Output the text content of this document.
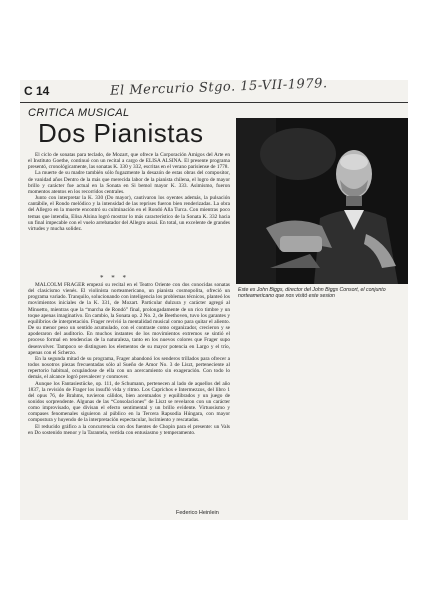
C 14	El Mercurio Stgo. 15-VII-1979.
CRITICA MUSICAL
Dos Pianistas

El ciclo de sonatas para teclado, de Mozart, que ofrece la Corporación Amigos del Arte en el Instituto Goethe, continuó con un recital a cargo de ELISA ALSINA. El presente programa presentó, cronológicamente, las sonatas K. 330 y 332, escritas en el verano parisiense de 1778.

La muerte de su madre también sólo fugazmente la desazón de estas obras del compositor, de vanidad años Dentro de la más que merecida labor de la pianista chilena, el logro de mayor brillo y carácter fue actual en la Sonata en Si bemol mayor K. 333. Asimismo, fueron momentos atentos en los recorridos centrales.

Junto con interpretar la K. 330 (Do mayor), cautivaron los oyentes además, la pulsación cantábile, el Rondo melódico y la intensidad de las reprises fueron bien renderizadas. La obra del Allegro en la muerte encontró su culminación en el Rondó Alla Turca. Con mientras poco temas que intendia, Elisa Alsina logró mostrar lo más característico de la Sonata K. 332 hacia un final impecable con el vuelo arrebatador del Allegro assai. En total, un excelente de grandes virtudes y mucha solidez.

* * *

MALCOLM FRAGER empezó su recital en el Teatro Oriente con dos conocidas sonatas del clasicismo vienés. El violinista norteamericano, un pianista cosmopolita, ofreció un programa variado. Tranquilo, solucionando con inteligencia los problemas técnicos, planteó los movimientos iniciales de la K. 331, de Mozart. Particular dulzura y carácter agregó al Minuetto, mientras que la “marcha de Rondó” final, prolongadamente de un rico timbre y un toque apenas imaginativo. En cambio, la Sonata op. 2 No. 2, de Beethoven, tuvo los garantes y equilibrios de interpretación. Frager revivió la mentalidad musical como para quitar el aliento. De su menor peso un sentido acumulado, con el contraste como organizador, crecieron y se apoderaron del auditorio. En muchos instantes de los movimientos extremos se sintió el proceso formal en tendencias de la naturaleza, tanto en los nuevos colores que Frager supo desenvolver. Tampoco se distinguen los elementos de su mayor potencia en Largo y el trío, apenas con el Scherzo.

En la segunda mitad de su programa, Frager abandonó los senderos trillados para ofrecer a todos nosotros piezas frecuentadas sólo al Sueño de Amor No. 3 de Liszt, perteneciente al repertorio habitual, ocupándose de ella con un acercamiento sin exageración. Con todo lo demás, el alcance logró prevalecer y conmover.

Aunque los Fantasiestücke, op. 111, de Schumann, pertenecen al lado de aquellos del año 1837, la revisión de Frager los insufló vida y ritmo. Los Caprichos e Intermezzos, del libro 1 del opus 76, de Brahms, tuvieron cálidos, bien acentuados y equilibrados y un juego de sonidos sorprendente. Algunas de las “Consolaciones” de Liszt se revelaron con un carácter como improvisado, que divisan el efecto sentimental y un brillo evidente. Virtuosismo y compases fenomenales siguieron al público en la Tercera Rapsodia Húngara, con mayor compostura y huyendo de la interpretación espectacular, lucimiento y rescatadas.

El reducido gráfico a la concurrencia con dos fuentes de Chopin para el presente: un Vals en Do sostenido menor y la Tarantela, vertida con entusiasmo y temperamento.

Federico Heinlein
Este es John Biggs, director del John Biggs Consort, el conjunto norteamericano que nos visitó este sesion
